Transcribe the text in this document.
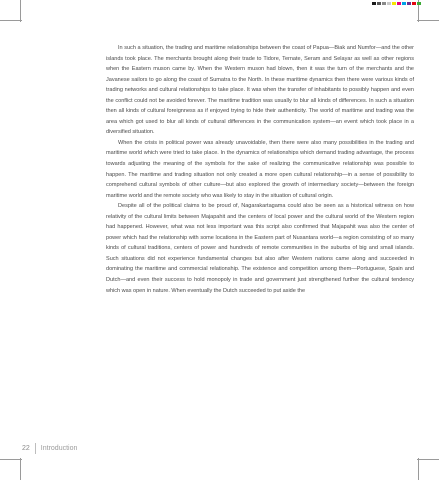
In such a situation, the trading and maritime relationships between the coast of Papua—Biak and Numfor—and the other islands took place. The merchants brought along their trade to Tidore, Ternate, Seram and Selayar as well as other regions when the Eastern muson came by. When the Western muson had blown, then it was the turn of the merchants and the Javanese sailors to go along the coast of Sumatra to the North. In these maritime dynamics then there were various kinds of trading networks and cultural relationships to take place. It was when the transfer of inhabitants to possibly happen and even the conflict could not be avoided forever. The maritime tradition was usually to blur all kinds of differences. In such a situation then all kinds of cultural foreignness as if enjoyed trying to hide their authenticity. The world of maritime and trading was the area which got used to blur all kinds of cultural differences in the communication system—an event which took place in a diversified situation.

When the crisis in political power was already unavoidable, then there were also many possibilities in the trading and maritime world which were tried to take place. In the dynamics of relationships which demand trading advantage, the process towards adjusting the meaning of the symbols for the sake of realizing the communicative relationship was possible to happen. The maritime and trading situation not only created a more open cultural relationship—in a sense of possibility to comprehend cultural symbols of other culture—but also explored the growth of intermediary society—between the foreign maritime world and the remote society who was likely to stay in the situation of cultural origin.

Despite all of the political claims to be proud of, Nagarakartagama could also be seen as a historical witness on how relativity of the cultural limits between Majapahit and the centers of local power and the cultural world of the Western region had happened. However, what was not less important was this script also confirmed that Majapahit was also the center of power which had the relationship with some locations in the Eastern part of Nusantara world—a region consisting of so many kinds of cultural traditions, centers of power and hundreds of remote communities in the suburbs of big and small islands. Such situations did not experience fundamental changes but also after Western nations came along and succeeded in dominating the maritime and commercial relationship. The existence and competition among them—Portuguese, Spain and Dutch—and even their success to hold monopoly in trade and government just strengthened further the cultural tendency which was open in nature. When eventually the Dutch succeeded to put aside the

22 Introduction
